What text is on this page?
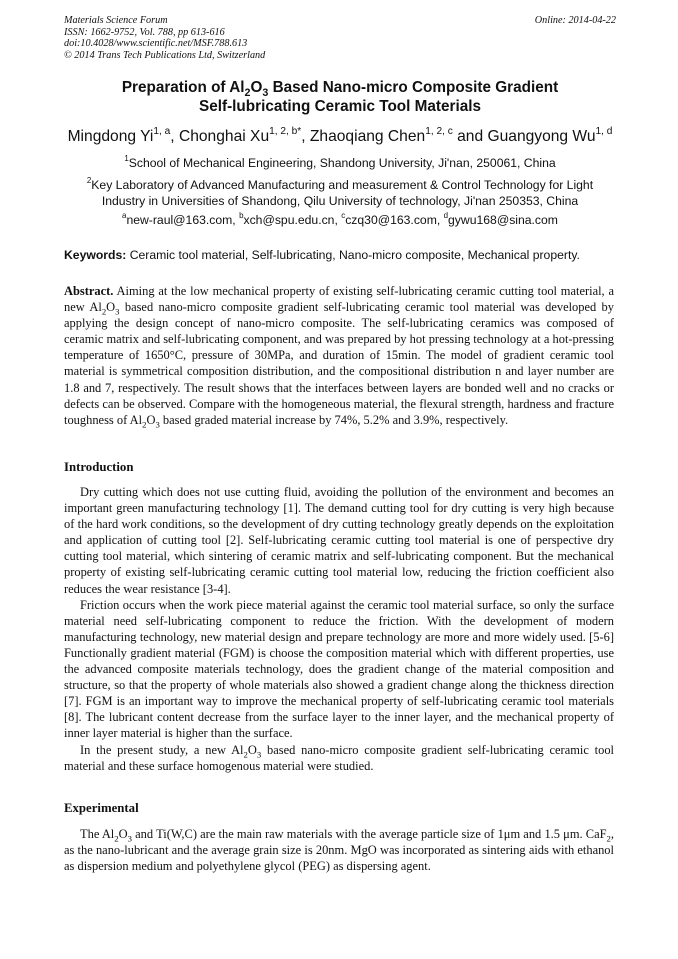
Materials Science Forum
ISSN: 1662-9752, Vol. 788, pp 613-616
doi:10.4028/www.scientific.net/MSF.788.613
© 2014 Trans Tech Publications Ltd, Switzerland
Online: 2014-04-22
Preparation of $Al_2O_3$ Based Nano-micro Composite Gradient
Self-lubricating Ceramic Tool Materials
Mingdong Yi$^{1, a}$, Chonghai $Xu^{1, 2, b*}$, Zhaoqiang Chen$^{1, 2, c}$ and Guangyong Wu$^{1, d}$
$^1$School of Mechanical Engineering, Shandong University, Ji'nan, 250061, China
$^2$Key Laboratory of Advanced Manufacturing and measurement & Control Technology for Light
Industry in Universities of Shandong, Qilu University of technology, Ji'nan 250353, China
$^a$new-raul@163.com, $^b$xch@spu.edu.cn, $^c$czq30@163.com, $^d$gywu168@sina.com
Keywords: Ceramic tool material, Self-lubricating, Nano-micro composite, Mechanical property.

Abstract. Aiming at the low mechanical property of existing self-lubricating ceramic cutting tool material, a new $Al_2O_3$ based nano-micro composite gradient self-lubricating ceramic tool material was developed by applying the design concept of nano-micro composite. The self-lubricating ceramics was composed of ceramic matrix and self-lubricating component, and was prepared by hot pressing technology at a hot-pressing temperature of 1650°C, pressure of 30MPa, and duration of 15min. The model of gradient ceramic tool material is symmetrical composition distribution, and the compositional distribution n and layer number are 1.8 and 7, respectively. The result shows that the interfaces between layers are bonded well and no cracks or defects can be observed. Compare with the homogeneous material, the flexural strength, hardness and fracture toughness of $Al_2O_3$ based graded material increase by 74%, 5.2% and 3.9%, respectively.

Introduction

Dry cutting which does not use cutting fluid, avoiding the pollution of the environment and becomes an important green manufacturing technology [1]. The demand cutting tool for dry cutting is very high because of the hard work conditions, so the development of dry cutting technology greatly depends on the exploitation and application of cutting tool [2]. Self-lubricating ceramic cutting tool material is one of perspective dry cutting tool material, which sintering of ceramic matrix and self-lubricating component. But the mechanical property of existing self-lubricating ceramic cutting tool material low, reducing the friction coefficient also reduces the wear resistance [3-4].

Friction occurs when the work piece material against the ceramic tool material surface, so only the surface material need self-lubricating component to reduce the friction. With the development of modern manufacturing technology, new material design and prepare technology are more and more widely used. [5-6] Functionally gradient material (FGM) is choose the composition material which with different properties, use the advanced composite materials technology, does the gradient change of the material composition and structure, so that the property of whole materials also showed a gradient change along the thickness direction [7]. FGM is an important way to improve the mechanical property of self-lubricating ceramic tool materials [8]. The lubricant content decrease from the surface layer to the inner layer, and the mechanical property of inner layer material is higher than the surface.

In the present study, a new $Al_2O_3$ based nano-micro composite gradient self-lubricating ceramic tool material and these surface homogenous material were studied.

Experimental

The $Al_2O_3$ and Ti(W,C) are the main raw materials with the average particle size of 1μm and 1.5 μm. CaF$_2$, as the nano-lubricant and the average grain size is 20nm. MgO was incorporated as sintering aids with ethanol as dispersion medium and polyethylene glycol (PEG) as dispersing agent.
